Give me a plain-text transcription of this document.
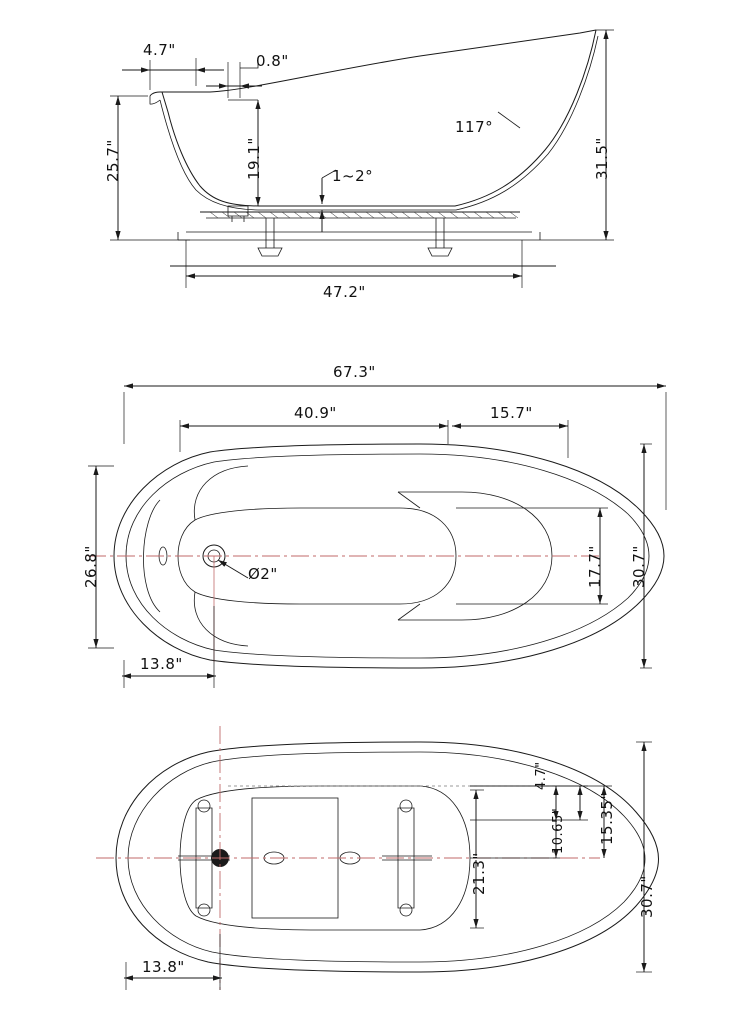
4.7"
0.8"
25.7"	19.1"
117°
31.5"
1~2°
47.2"
67.3"
40.9"	15.7"
26.8"	17.7" 30.7"
Ø2"
13.8"
4.7"
10.65" 15.35"
21.3"
30.7"
13.8"
